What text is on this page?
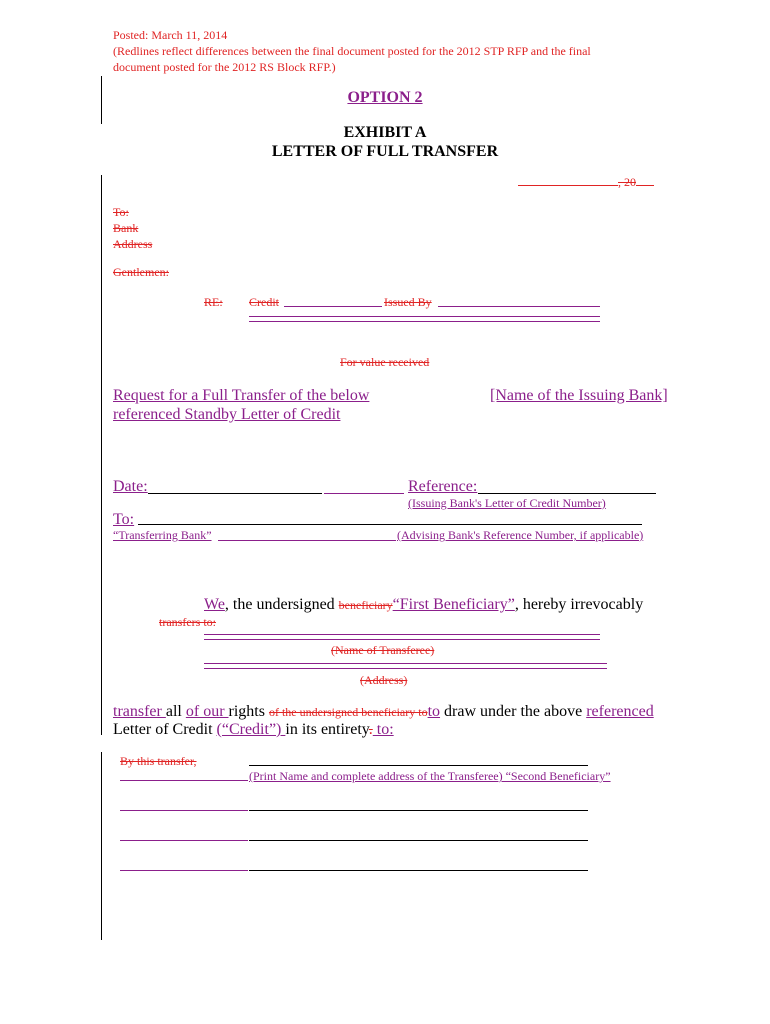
Posted: March 11, 2014
(Redlines reflect differences between the final document posted for the 2012 STP RFP and the final
document posted for the 2012 RS Block RFP.)
OPTION 2
EXHIBIT A
LETTER OF FULL TRANSFER
, 20
To:
Bank
Address
Gentlemen:
RE: Credit	Issued By
For value received
Request for a Full Transfer of the below
referenced Standby Letter of Credit
[Name of the Issuing Bank]
Date:	Reference:
(Issuing Bank's Letter of Credit Number)
To:
“Transferring Bank”	(Advising Bank's Reference Number, if applicable)
We, the undersigned beneficiary“First Beneficiary”, hereby irrevocably
transfers to:
(Name of Transferee)
(Address)
transfer all of our rights of the undersigned beneficiary toto draw under the above referenced
Letter of Credit (“Credit”) in its entirety. to:
By this transfer,
(Print Name and complete address of the Transferee) “Second Beneficiary”
